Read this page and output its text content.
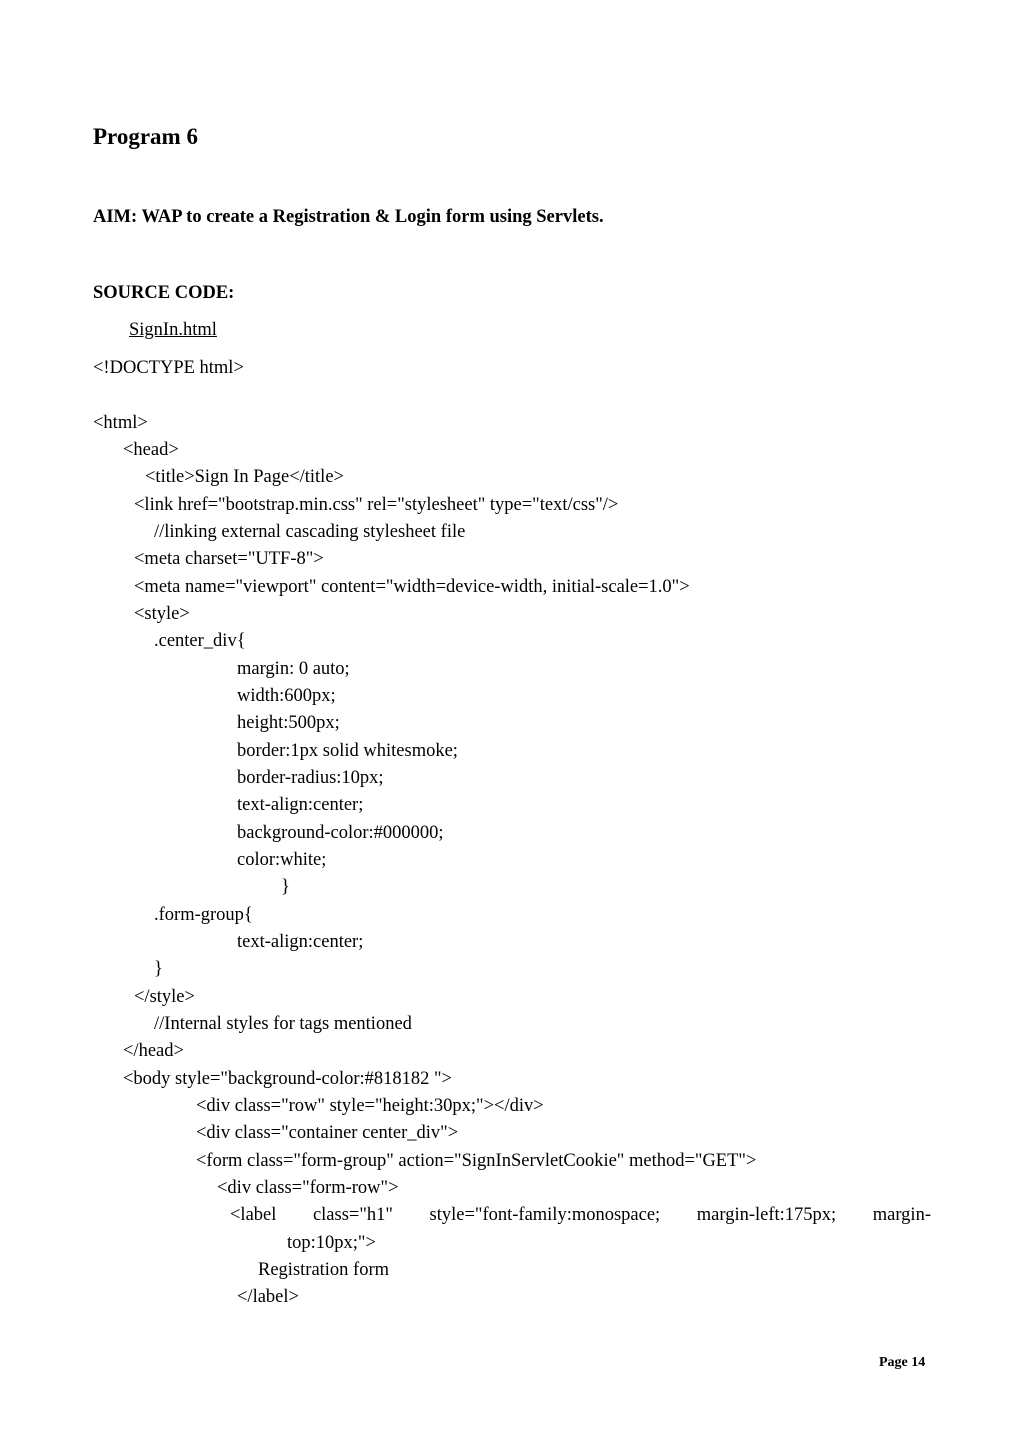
Program 6
AIM: WAP to create a Registration & Login form using Servlets.
SOURCE CODE:
SignIn.html
<!DOCTYPE html>
<html>
<head>
<title>Sign In Page</title>
<link href="bootstrap.min.css" rel="stylesheet" type="text/css"/>
//linking external cascading stylesheet file
<meta charset="UTF-8">
<meta name="viewport" content="width=device-width, initial-scale=1.0">
<style>
.center_div{
margin: 0 auto;
width:600px;
height:500px;
border:1px solid whitesmoke;
border-radius:10px;
text-align:center;
background-color:#000000;
color:white;
}
.form-group{
text-align:center;
}
</style>
//Internal styles for tags mentioned
</head>
<body style="background-color:#818182 ">
<div class="row" style="height:30px;"></div>
<div class="container center_div">
<form class="form-group" action="SignInServletCookie" method="GET">
<div class="form-row">
<label class="h1" style="font-family:monospace; margin-left:175px; margin-
top:10px;">
Registration form
</label>
Page 14
